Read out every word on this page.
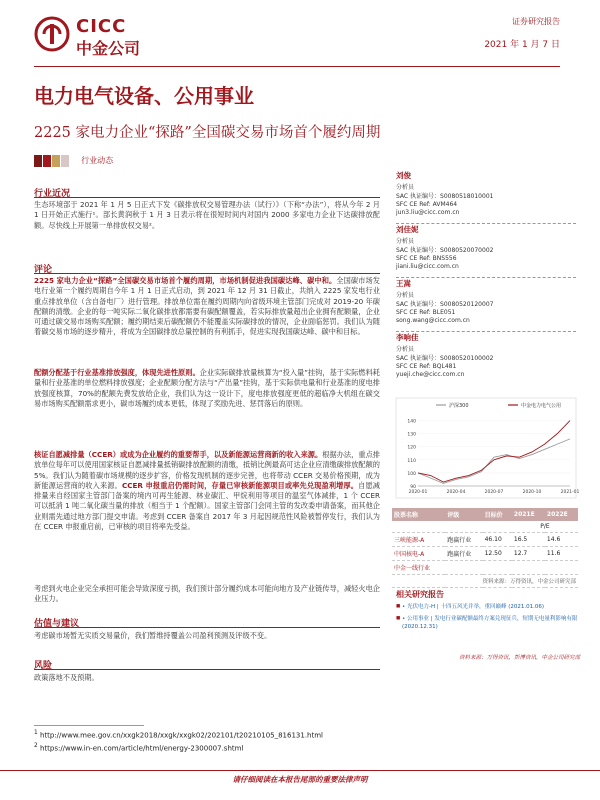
CICC
中金公司
证券研究报告
2021 年 1 月 7 日
电力电气设备、公用事业
2225 家电力企业“探路”全国碳交易市场首个履约周期
行业动态
行业近况
生态环境部于 2021 年 1 月 5 日正式下发《碳排放权交易管理办法（试行）》（下称“办法”），将从今年 2 月 1 日开始正式施行¹。部长黄润秋于 1 月 3 日表示将在很短时间内对国内 2000 多家电力企业下达碳排放配额。尽快线上开展第一单排放权交易²。
评论
2225 家电力企业“探路”全国碳交易市场首个履约周期，市场机制促进我国碳达峰、碳中和。全国碳市场发电行业第一个履约周期自今年 1 月 1 日正式启动，到 2021 年 12 月 31 日截止，共纳入 2225 家发电行业重点排放单位（含自备电厂）进行管理。排放单位需在履约周期内向省级环境主管部门完成对 2019-20 年碳配额的清缴。企业的每一吨实际二氧化碳排放都需要有碳配额覆盖，若实际排放量超出企业拥有配额量，企业可通过碳交易市场购买配额；履约期结束后碳配额仍不能覆盖实际碳排放的情况，企业面临惩罚。我们认为随着碳交易市场的逐步精升，将成为全国碳排放总量控制的有利抓手，促进实现我国碳达峰、碳中和目标。
配额分配基于行业基准排放强度，体现先进性原则。企业实际碳排放量核算为“投入量”挂钩，基于实际燃料耗量和行业基准的单位燃料排放强度；企业配额分配方法与“产出量”挂钩，基于实际供电量和行业基准的度电排放强度核算，70%的配额先费发放给企业，我们认为这一设计下，度电排放强度更低的超临净大机组在碳交易市场购买配额需求更小，碳市场履约成本更低，体现了奖励先进、惩罚落后的原则。
核证自愿减排量（CCER）或成为企业履约的重要帮手，以及新能源运营商新的收入来源。根据办法，重点排放单位每年可以使用国家核证自愿减排量抵销碳排放配额的清缴，抵销比例最高可达企业应清缴碳排放配额的 5%。我们认为随着碳市场规模的逐步扩容，价格发现机制的逐步完善，也将带动 CCER 交易价格预期，成为新能源运营商的收入来源。CCER 申报重启仍需时间，存量已审核新能源项目或率先兑现盈利增厚。自愿减排量来自经国家主管部门备案的境内可再生能源、林业碳汇、甲烷利用等项目的温室气体减排，1 个 CCER 可以抵消 1 吨二氧化碳当量的排放（相当于 1 个配额）。国家主管部门会同主管的发改委申请备案，而其他企业则需先通过地方部门提交申请。考虑到 CCER 备案自 2017 年 3 月起因规范性风险被暂停发行，我们认为在 CCER 申报重启前，已审核的项目将率先受益。
考虑到火电企业完全承担可能会导致深度亏损，我们预计部分履约成本可能向地方及产业链传导，减轻火电企业压力。
估值与建议
考虑碳市场暂无实质交易量价，我们暂维持覆盖公司盈利预测及评级不变。
风险
政策落地不及预期。
刘俊
分析员
SAC 执证编号：S0080518010001
SFC CE Ref: AVM464
jun3.liu@cicc.com.cn
刘佳妮
分析员
SAC 执证编号：S0080520070002
SFC CE Ref: BNS556
jiani.liu@cicc.com.cn
王嵩
分析员
SAC 执证编号：S0080520120007
SFC CE Ref: BLE051
song.wang@cicc.com.cn
李响佳
分析员
SAC 执证编号：S0080520100002
SFC CE Ref: BQL481
yueji.che@cicc.com.cn
沪深300	中金电力电气公用
90
100
110
120
130
140
2020-01	2020-04	2020-07	2020-10	2021-01
股票名称	评级	目标价	2021E	2022E
			P/E	
三峡能源-A	跑赢行业	46.10	16.5	14.6
中国核电-A	跑赢行业	12.50	12.7	11.6
中金一线行业				
资料来源：万得资讯，中金公司研究部				
相关研究报告
■ • 光伏电力-H | 十四五风光并举，重回巅峰 (2021.01.06)
■ • 公用事业 | 发电行业碳配额最终方案兑现征兵，短期无电量利影响有限 (2020.12.31)
资料来源：万得资讯，彭博资讯，中金公司研究部
$^1$ http://www.mee.gov.cn/xxgk2018/xxgk/xxgk02/202101/t20210105_816131.html
$^2$ https://www.in-en.com/article/html/energy-2300007.shtml
请仔细阅读在本报告尾部的重要法律声明
